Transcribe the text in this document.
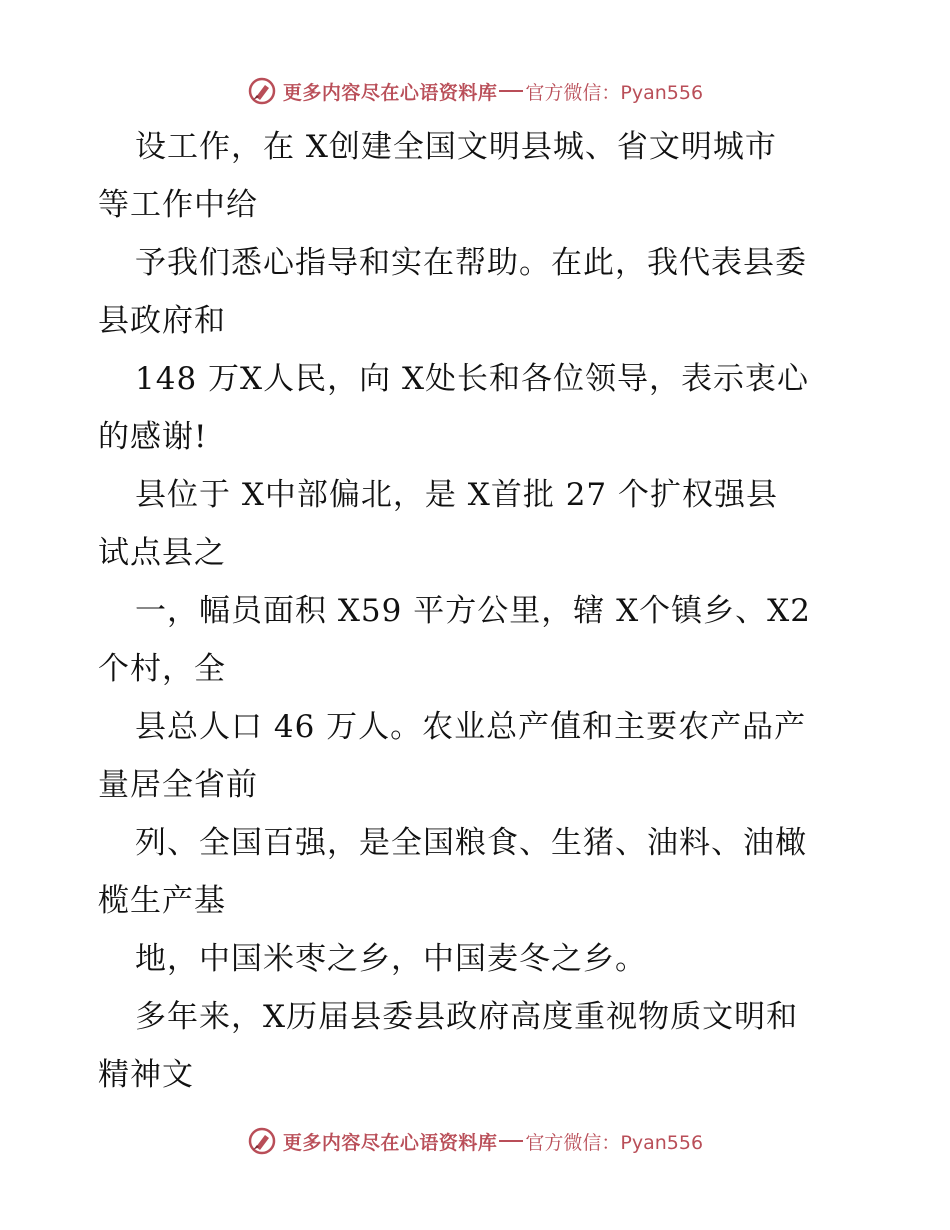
更多内容尽在心语资料库 官方微信：Pyan556
设工作，在 X创建全国文明县城、省文明城市
等工作中给
予我们悉心指导和实在帮助。在此，我代表县委
县政府和
148 万X人民，向 X处长和各位领导，表示衷心
的感谢!
县位于 X中部偏北，是 X首批 27 个扩权强县
试点县之
一，幅员面积 X59 平方公里，辖 X个镇乡、X2
个村，全
县总人口 46 万人。农业总产值和主要农产品产
量居全省前
列、全国百强，是全国粮食、生猪、油料、油橄
榄生产基
地，中国米枣之乡，中国麦冬之乡。
多年来，X历届县委县政府高度重视物质文明和
精神文
更多内容尽在心语资料库 官方微信：Pyan556
